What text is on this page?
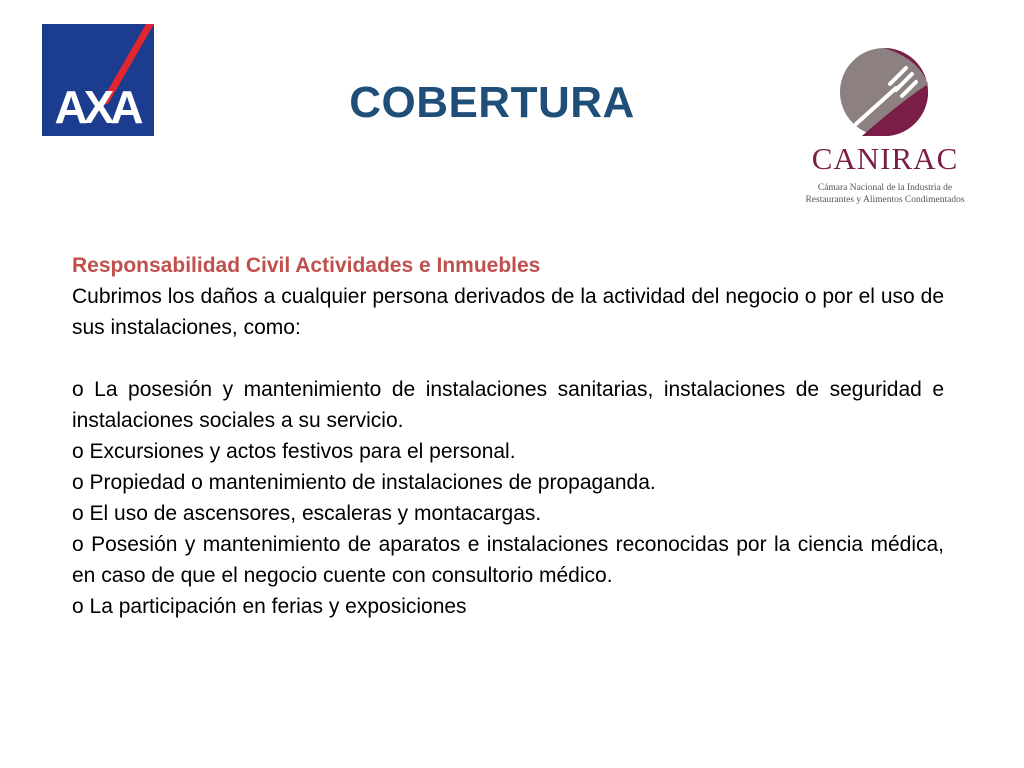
AXA	COBERTURA
CANIRAC
Cámara Nacional de la Industria de
Restaurantes y Alimentos Condimentados

Responsabilidad Civil Actividades e Inmuebles

Cubrimos los daños a cualquier persona derivados de la actividad del negocio o por el uso de sus instalaciones, como:

o La posesión y mantenimiento de instalaciones sanitarias, instalaciones de seguridad e instalaciones sociales a su servicio.

o Excursiones y actos festivos para el personal.

o Propiedad o mantenimiento de instalaciones de propaganda.

o El uso de ascensores, escaleras y montacargas.

o Posesión y mantenimiento de aparatos e instalaciones reconocidas por la ciencia médica, en caso de que el negocio cuente con consultorio médico.

o La participación en ferias y exposiciones
